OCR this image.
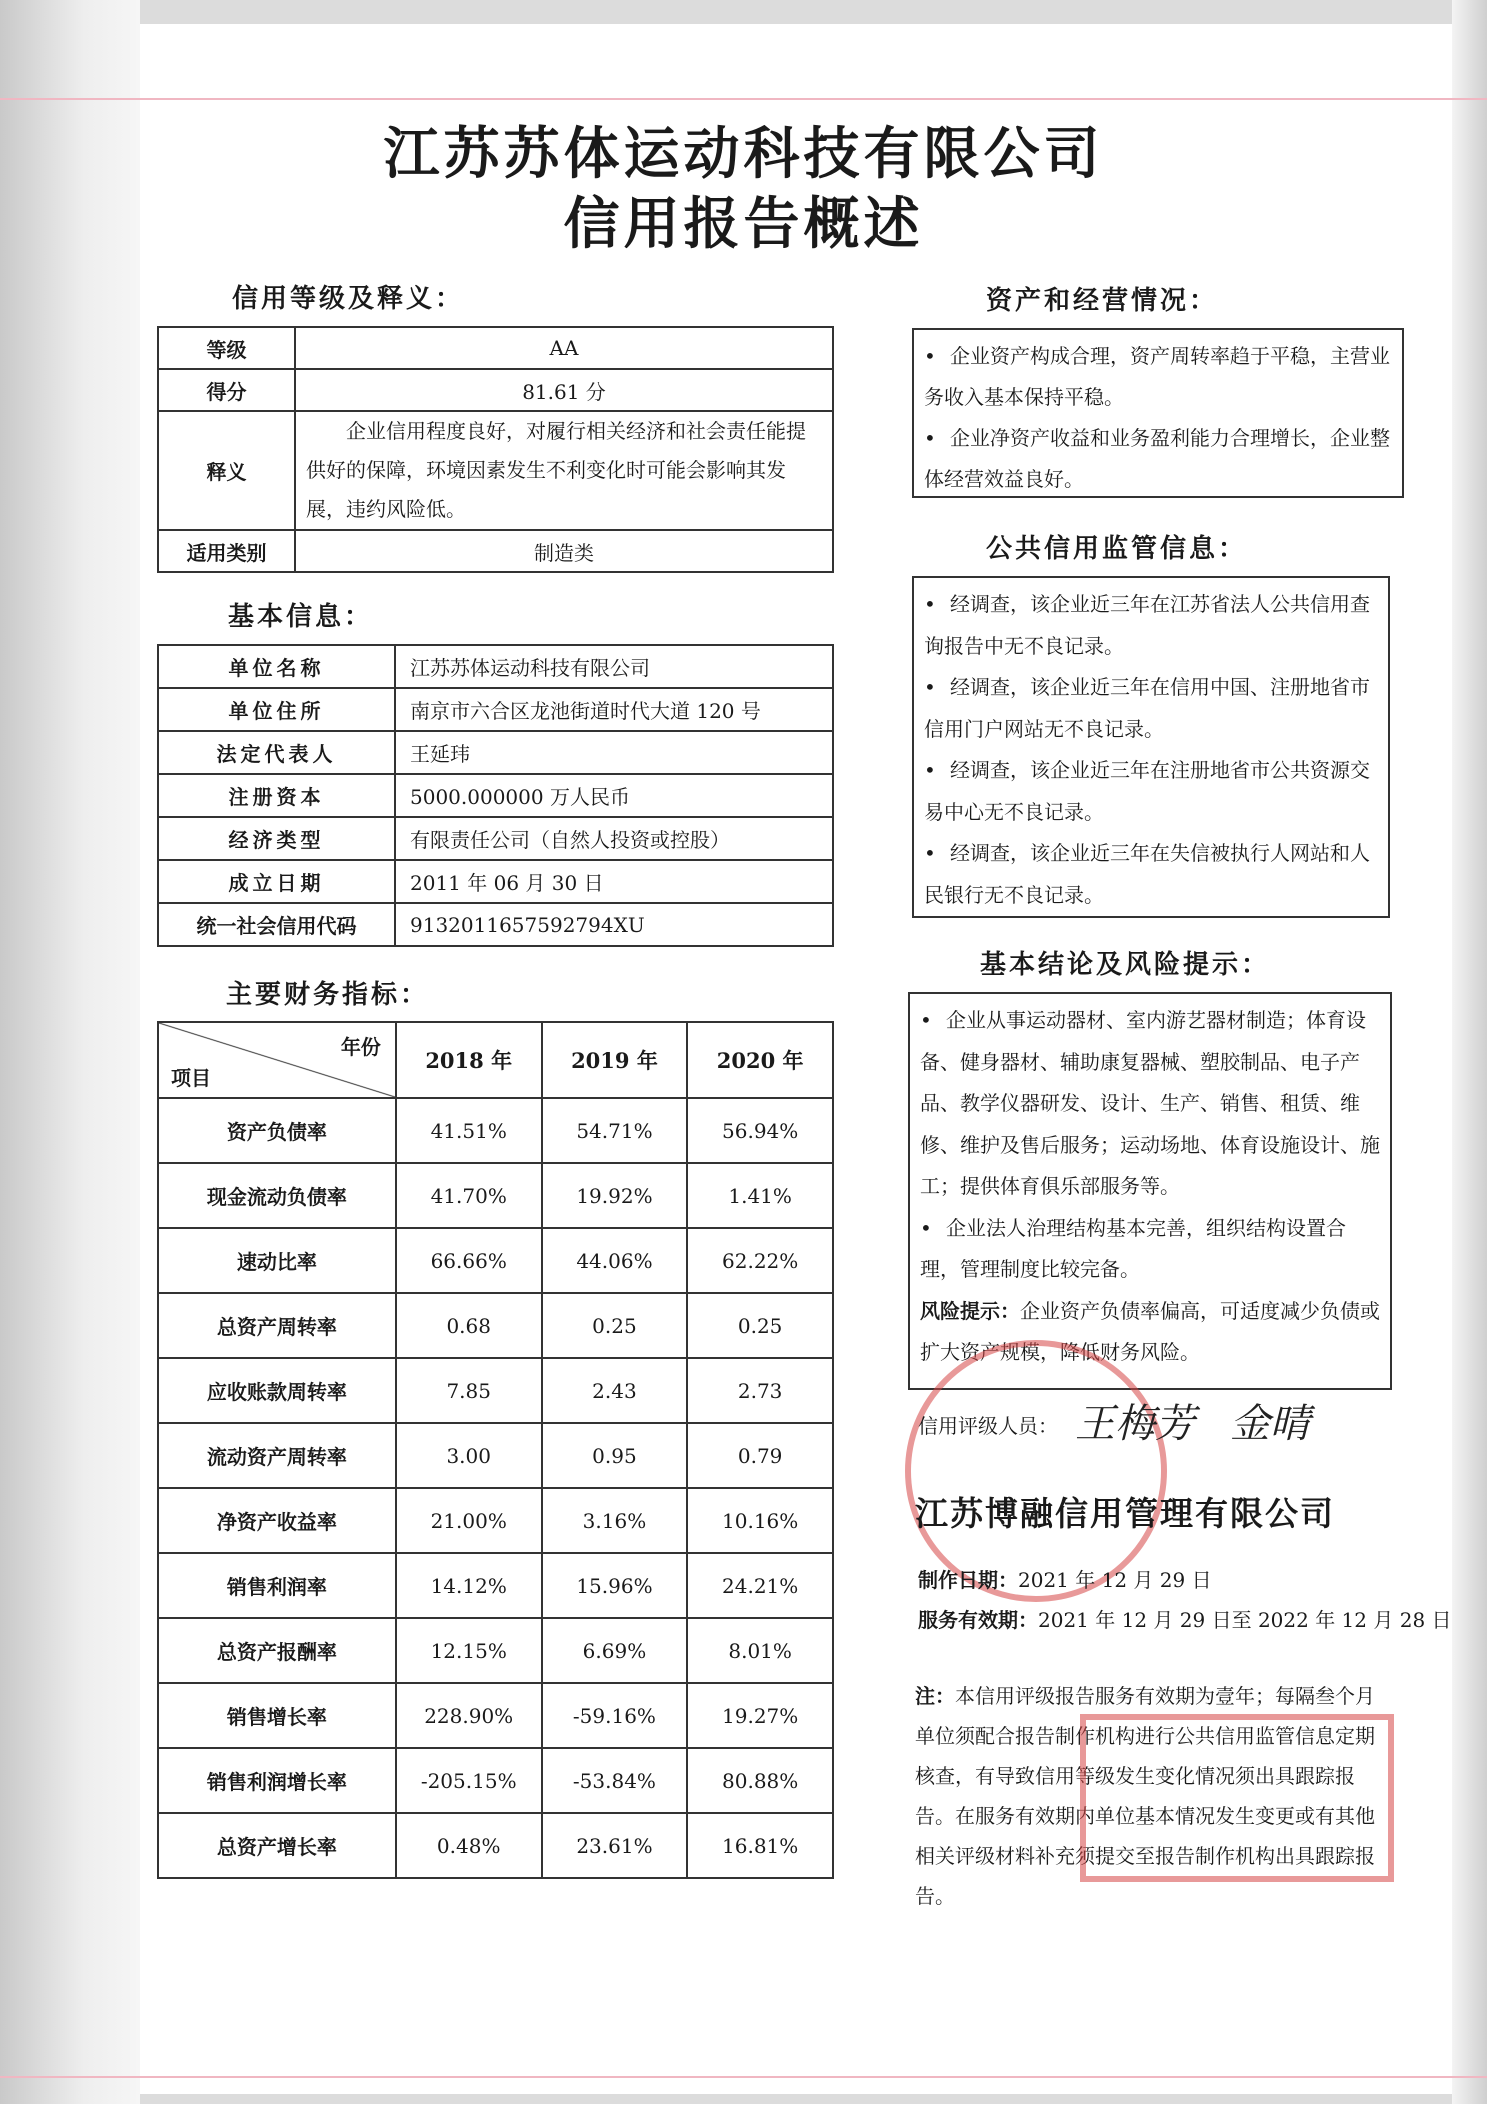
江苏苏体运动科技有限公司
信用报告概述
信用等级及释义：
等级	AA
得分	81.61 分
释义	企业信用程度良好，对履行相关经济和社会责任能提供好的保障，环境因素发生不利变化时可能会影响其发展，违约风险低。
适用类别	制造类
基本信息：
单位名称	江苏苏体运动科技有限公司
单位住所	南京市六合区龙池街道时代大道 120 号
法定代表人	王延玮
注册资本	5000.000000 万人民币
经济类型	有限责任公司（自然人投资或控股）
成立日期	2011 年 06 月 30 日
统一社会信用代码	9132011657592794XU
主要财务指标：
年份
项目	2018 年	2019 年	2020 年
资产负债率	41.51%	54.71%	56.94%
现金流动负债率	41.70%	19.92%	1.41%
速动比率	66.66%	44.06%	62.22%
总资产周转率	0.68	0.25	0.25
应收账款周转率	7.85	2.43	2.73
流动资产周转率	3.00	0.95	0.79
净资产收益率	21.00%	3.16%	10.16%
销售利润率	14.12%	15.96%	24.21%
总资产报酬率	12.15%	6.69%	8.01%
销售增长率	228.90%	-59.16%	19.27%
销售利润增长率	-205.15%	-53.84%	80.88%
总资产增长率	0.48%	23.61%	16.81%
资产和经营情况：

• 企业资产构成合理，资产周转率趋于平稳，主营业务收入基本保持平稳。

• 企业净资产收益和业务盈利能力合理增长，企业整体经营效益良好。

公共信用监管信息：

• 经调查，该企业近三年在江苏省法人公共信用查询报告中无不良记录。

• 经调查，该企业近三年在信用中国、注册地省市信用门户网站无不良记录。

• 经调查，该企业近三年在注册地省市公共资源交易中心无不良记录。

• 经调查，该企业近三年在失信被执行人网站和人民银行无不良记录。

基本结论及风险提示：

• 企业从事运动器材、室内游艺器材制造；体育设备、健身器材、辅助康复器械、塑胶制品、电子产品、教学仪器研发、设计、生产、销售、租赁、维修、维护及售后服务；运动场地、体育设施设计、施工；提供体育俱乐部服务等。

• 企业法人治理结构基本完善，组织结构设置合理，管理制度比较完备。

风险提示：企业资产负债率偏高，可适度减少负债或扩大资产规模，降低财务风险。

信用评级人员： 王梅芳 金晴
江苏博融信用管理有限公司
制作日期：2021 年 12 月 29 日
服务有效期：2021 年 12 月 29 日至 2022 年 12 月 28 日
注：本信用评级报告服务有效期为壹年；每隔叁个月单位须配合报告制作机构进行公共信用监管信息定期核查，有导致信用等级发生变化情况须出具跟踪报告。在服务有效期内单位基本情况发生变更或有其他相关评级材料补充须提交至报告制作机构出具跟踪报告。
